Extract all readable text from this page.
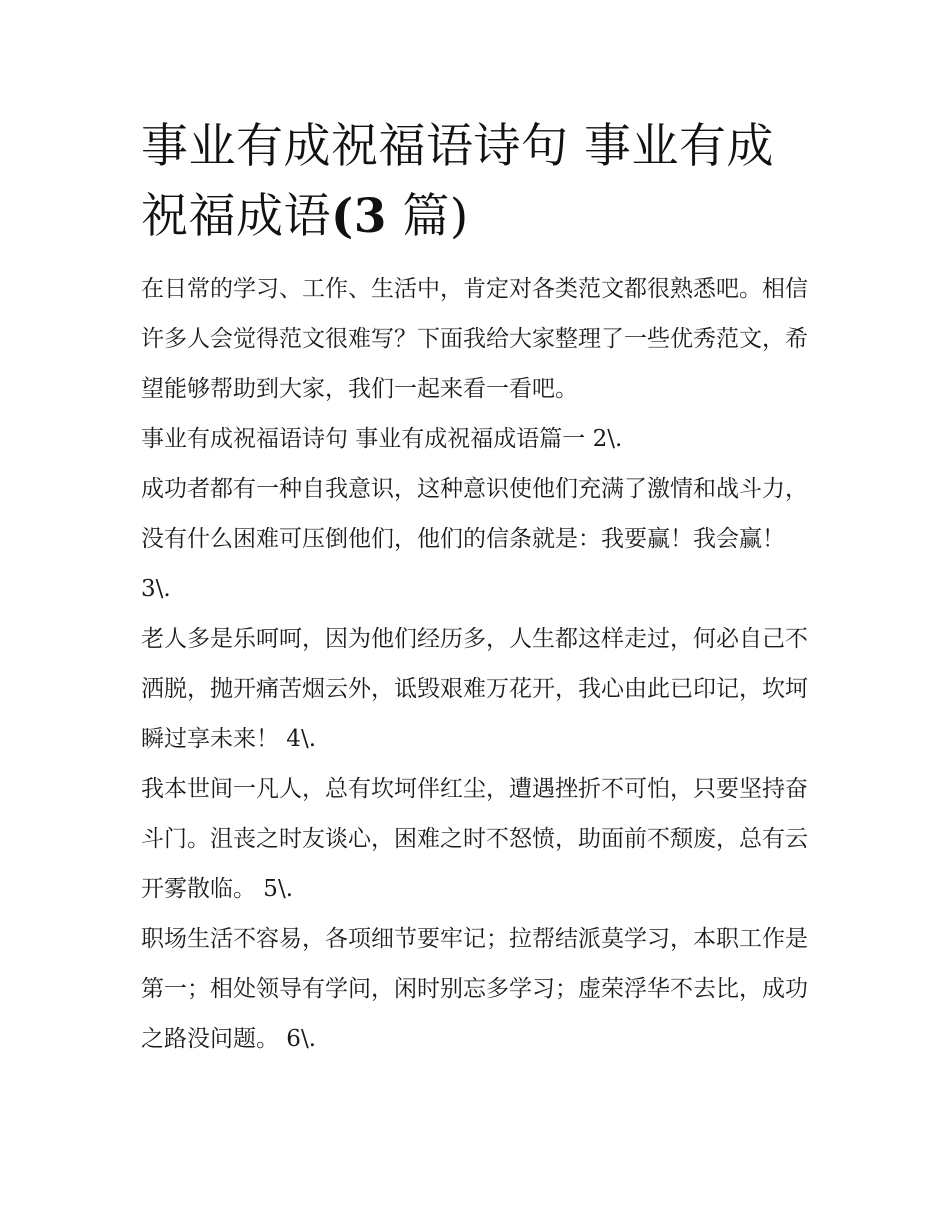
事业有成祝福语诗句 事业有成祝福成语(3 篇)

在日常的学习、工作、生活中，肯定对各类范文都很熟悉吧。相信许多人会觉得范文很难写？下面我给大家整理了一些优秀范文，希望能够帮助到大家，我们一起来看一看吧。

事业有成祝福语诗句 事业有成祝福成语篇一 2\.

成功者都有一种自我意识，这种意识使他们充满了激情和战斗力，没有什么困难可压倒他们，他们的信条就是：我要赢！我会赢！ 3\.

老人多是乐呵呵，因为他们经历多，人生都这样走过，何必自己不洒脱，抛开痛苦烟云外，诋毁艰难万花开，我心由此已印记，坎坷瞬过享未来！ 4\.

我本世间一凡人，总有坎坷伴红尘，遭遇挫折不可怕，只要坚持奋斗门。沮丧之时友谈心，困难之时不怒愤，助面前不颓废，总有云开雾散临。 5\.

职场生活不容易，各项细节要牢记；拉帮结派莫学习，本职工作是第一；相处领导有学问，闲时别忘多学习；虚荣浮华不去比，成功之路没问题。 6\.
